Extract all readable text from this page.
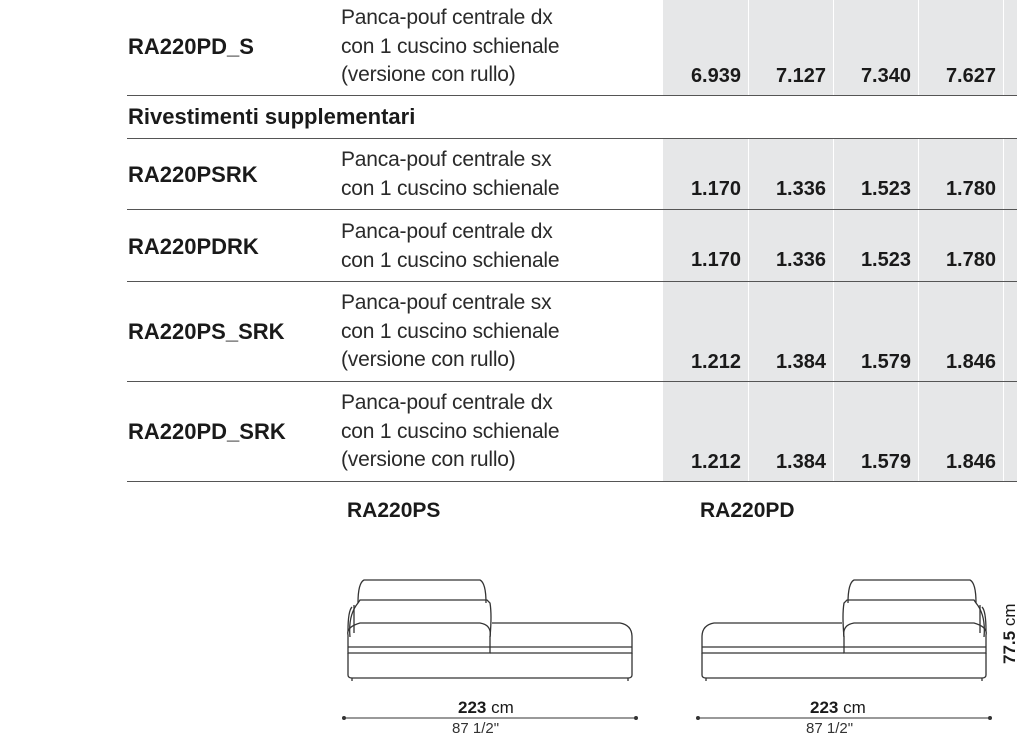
RA220PD_S
Panca-pouf centrale dx
con 1 cuscino schienale
(versione con rullo)	6.939	7.127	7.340	7.627
Rivestimenti supplementari
RA220PSRK
Panca-pouf centrale sx
con 1 cuscino schienale	1.170	1.336	1.523	1.780
RA220PDRK
Panca-pouf centrale dx
con 1 cuscino schienale	1.170	1.336	1.523	1.780
RA220PS_SRK
Panca-pouf centrale sx
con 1 cuscino schienale
(versione con rullo)	1.212	1.384	1.579	1.846
RA220PD_SRK
Panca-pouf centrale dx
con 1 cuscino schienale
(versione con rullo)	1.212	1.384	1.579	1.846
RA220PS	RA220PD
223 cm	223 cm
87 1/2"	87 1/2"
77.5 cm
